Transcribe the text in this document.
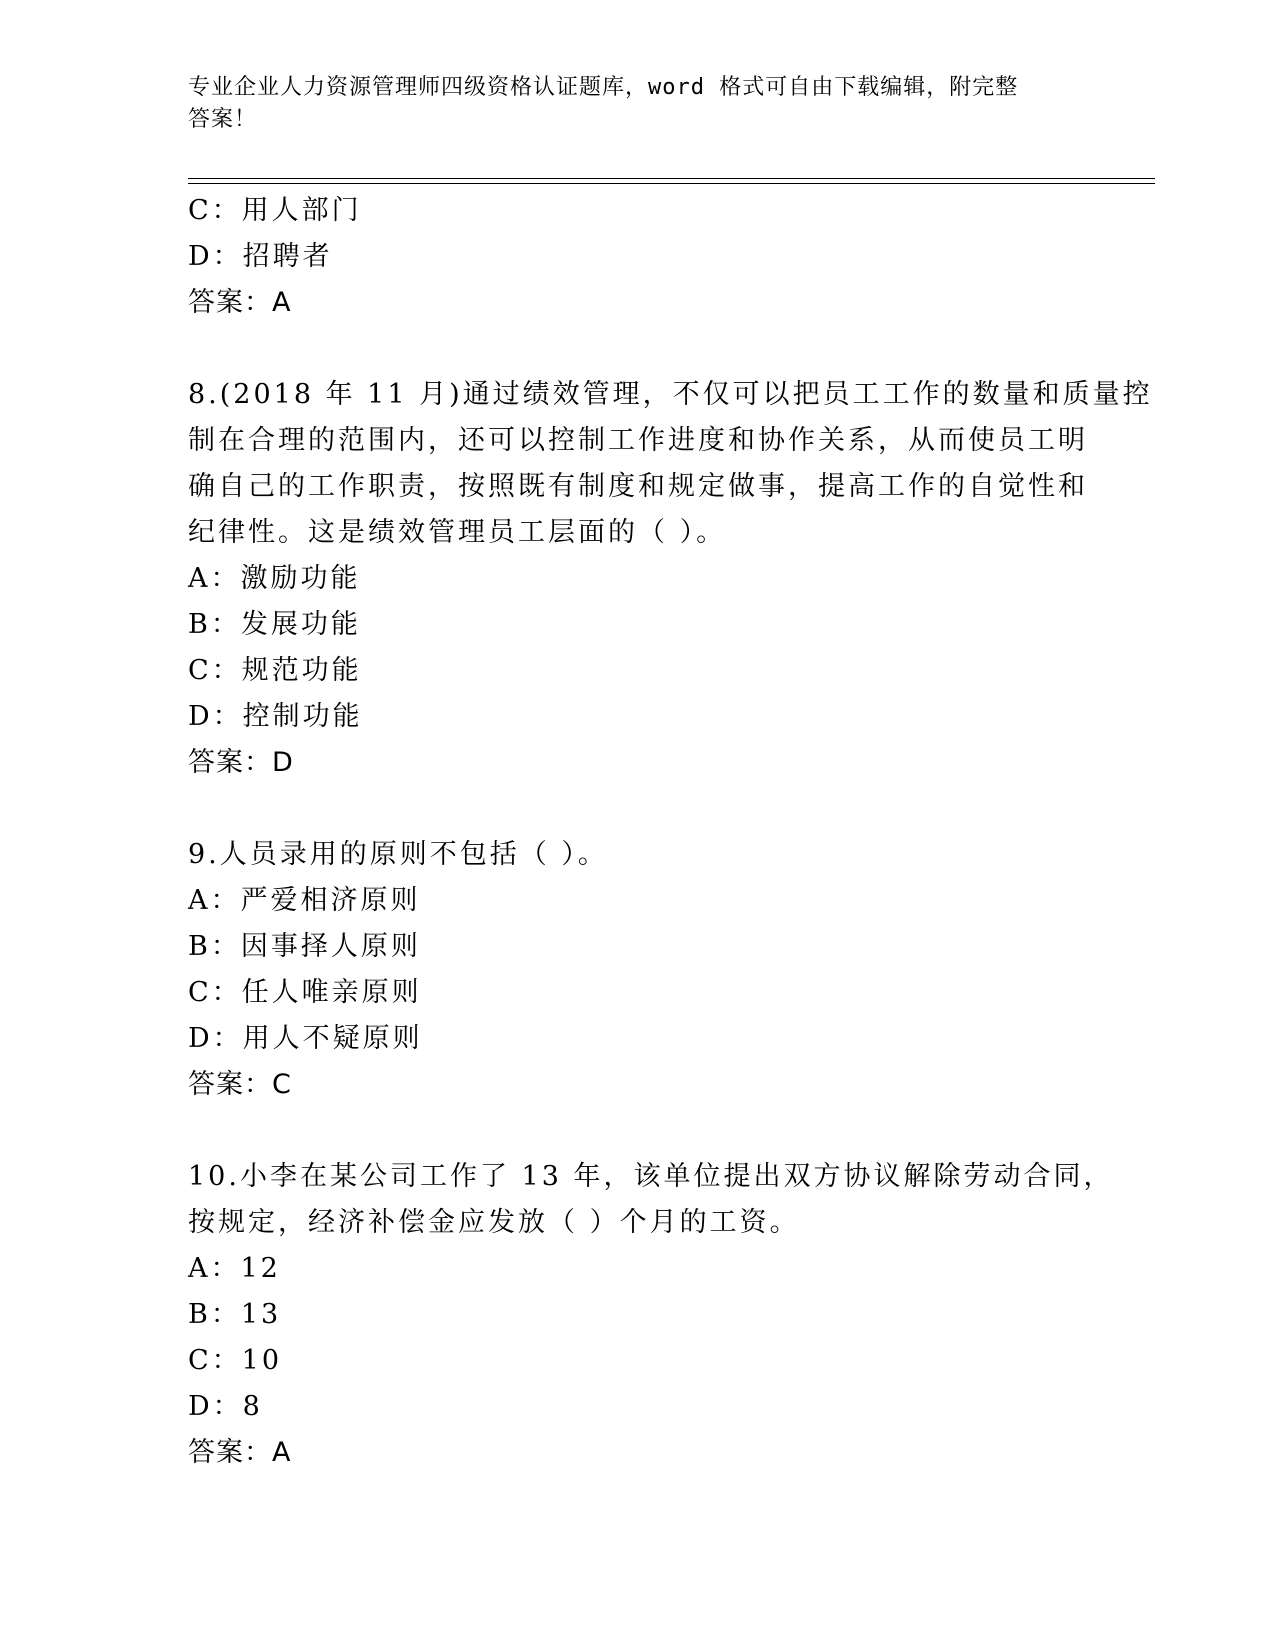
专业企业人力资源管理师四级资格认证题库，word 格式可自由下载编辑，附完整
答案！
C：用人部门
D：招聘者
答案：A
8.(2018 年 11 月)通过绩效管理，不仅可以把员工工作的数量和质量控
制在合理的范围内，还可以控制工作进度和协作关系，从而使员工明
确自己的工作职责，按照既有制度和规定做事，提高工作的自觉性和
纪律性。这是绩效管理员工层面的（ ）。
A：激励功能
B：发展功能
C：规范功能
D：控制功能
答案：D
9.人员录用的原则不包括（ ）。
A：严爱相济原则
B：因事择人原则
C：任人唯亲原则
D：用人不疑原则
答案：C
10.小李在某公司工作了 13 年，该单位提出双方协议解除劳动合同，
按规定，经济补偿金应发放（ ）个月的工资。
A：12
B：13
C：10
D：8
答案：A
